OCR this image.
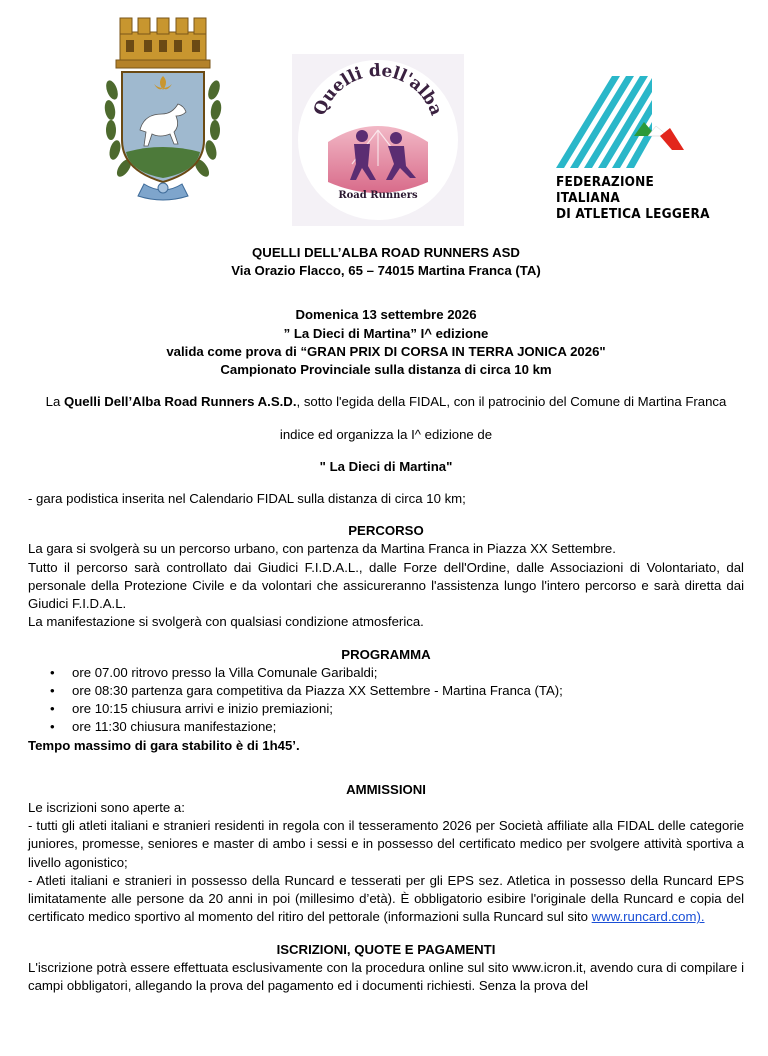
Quelli dell'alba
Road Runners
FEDERAZIONE ITALIANA
DI ATLETICA LEGGERA
QUELLI DELL’ALBA ROAD RUNNERS ASD
Via Orazio Flacco, 65 – 74015 Martina Franca (TA)
Domenica 13 settembre 2026
” La Dieci di Martina” I^ edizione
valida come prova di “GRAN PRIX DI CORSA IN TERRA JONICA 2026"
Campionato Provinciale sulla distanza di circa 10 km

La Quelli Dell’Alba Road Runners A.S.D., sotto l'egida della FIDAL, con il patrocinio del Comune di Martina Franca

indice ed organizza la I^ edizione de

" La Dieci di Martina"

- gara podistica inserita nel Calendario FIDAL sulla distanza di circa 10 km;

PERCORSO

La gara si svolgerà su un percorso urbano, con partenza da Martina Franca in Piazza XX Settembre.

Tutto il percorso sarà controllato dai Giudici F.I.D.A.L., dalle Forze dell'Ordine, dalle Associazioni di Volontariato, dal personale della Protezione Civile e da volontari che assicureranno l'assistenza lungo l'intero percorso e sarà diretta dai Giudici F.I.D.A.L.

La manifestazione si svolgerà con qualsiasi condizione atmosferica.

PROGRAMMA
• ore 07.00 ritrovo presso la Villa Comunale Garibaldi;
• ore 08:30 partenza gara competitiva da Piazza XX Settembre - Martina Franca (TA);
• ore 10:15 chiusura arrivi e inizio premiazioni;
• ore 11:30 chiusura manifestazione;

Tempo massimo di gara stabilito è di 1h45’.

AMMISSIONI

Le iscrizioni sono aperte a:

- tutti gli atleti italiani e stranieri residenti in regola con il tesseramento 2026 per Società affiliate alla FIDAL delle categorie juniores, promesse, seniores e master di ambo i sessi e in possesso del certificato medico per svolgere attività sportiva a livello agonistico;

- Atleti italiani e stranieri in possesso della Runcard e tesserati per gli EPS sez. Atletica in possesso della Runcard EPS limitatamente alle persone da 20 anni in poi (millesimo d’età). È obbligatorio esibire l'originale della Runcard e copia del certificato medico sportivo al momento del ritiro del pettorale (informazioni sulla Runcard sul sito www.runcard.com).

ISCRIZIONI, QUOTE E PAGAMENTI

L'iscrizione potrà essere effettuata esclusivamente con la procedura online sul sito www.icron.it, avendo cura di compilare i campi obbligatori, allegando la prova del pagamento ed i documenti richiesti. Senza la prova del
